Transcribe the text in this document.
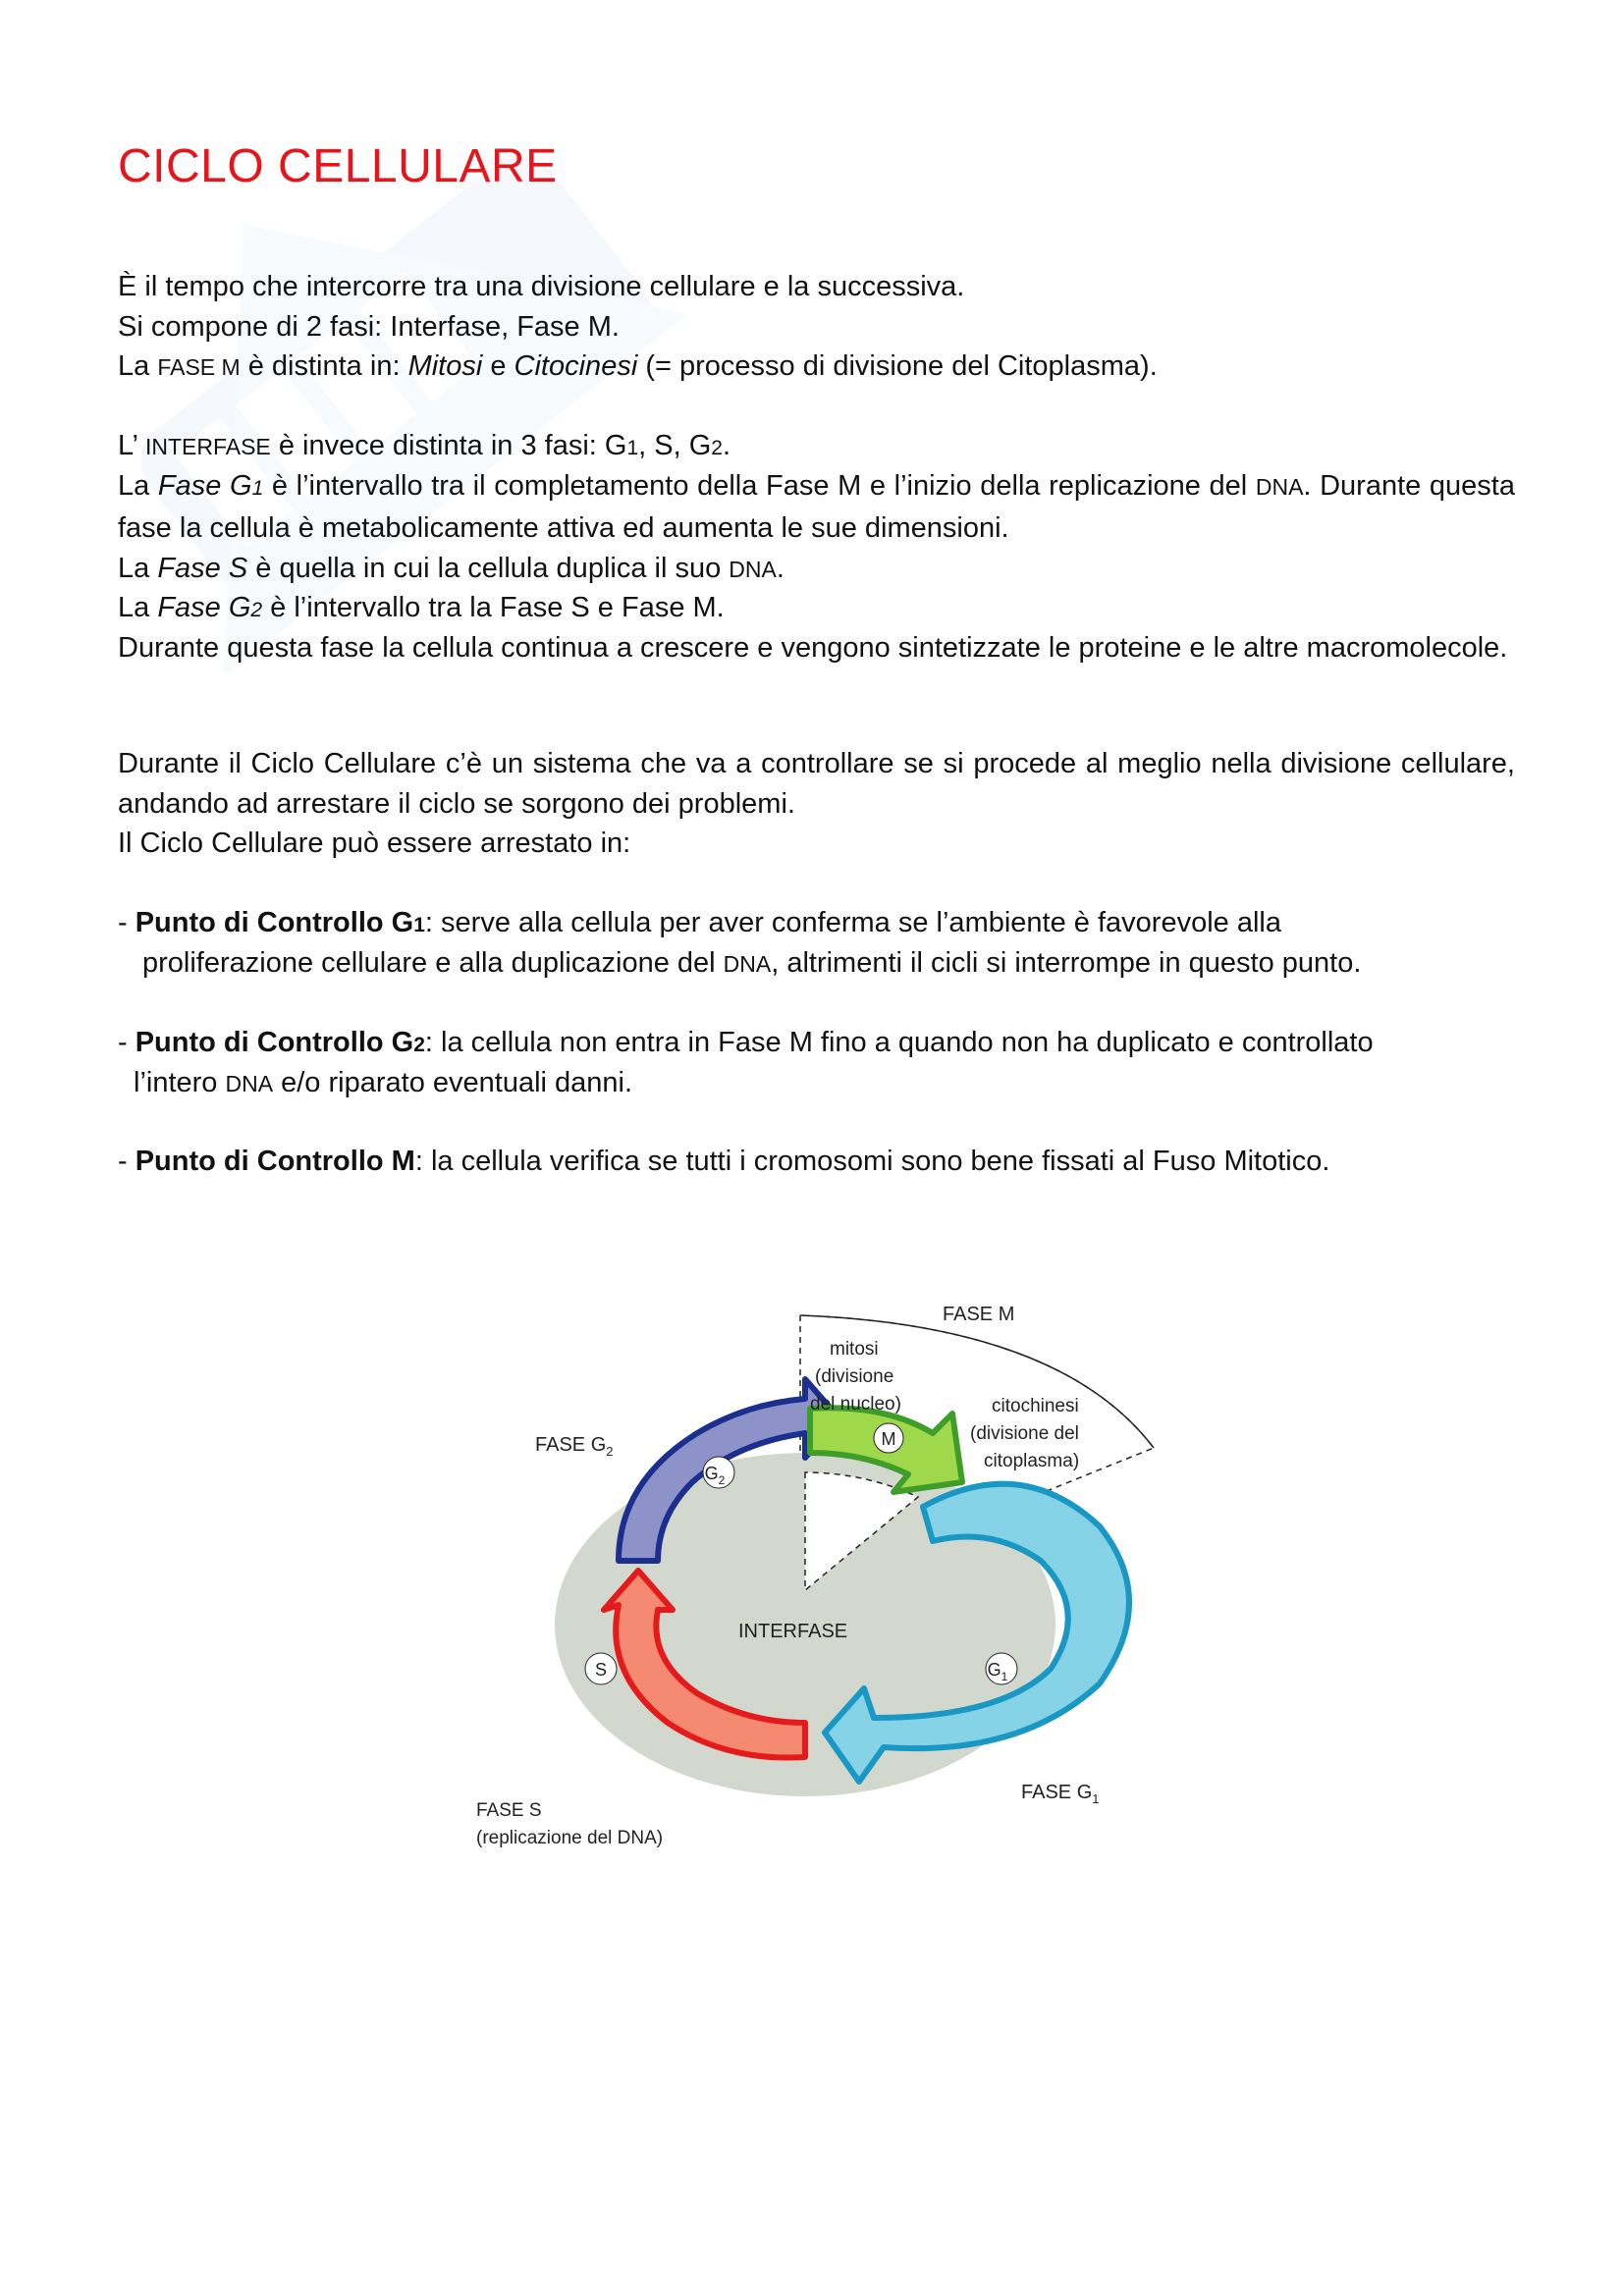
CICLO CELLULARE
È il tempo che intercorre tra una divisione cellulare e la successiva.
Si compone di 2 fasi: Interfase, Fase M.
La FASE M è distinta in: Mitosi e Citocinesi (= processo di divisione del Citoplasma).
L’ INTERFASE è invece distinta in 3 fasi: G1, S, G2.
La Fase G1 è l’intervallo tra il completamento della Fase M e l’inizio della replicazione del DNA. Durante questa fase la cellula è metabolicamente attiva ed aumenta le sue dimensioni.
La Fase S è quella in cui la cellula duplica il suo DNA.
La Fase G2 è l’intervallo tra la Fase S e Fase M.
Durante questa fase la cellula continua a crescere e vengono sintetizzate le proteine e le altre macromolecole.
Durante il Ciclo Cellulare c’è un sistema che va a controllare se si procede al meglio nella divisione cellulare, andando ad arrestare il ciclo se sorgono dei problemi.
Il Ciclo Cellulare può essere arrestato in:
- Punto di Controllo G1: serve alla cellula per aver conferma se l’ambiente è favorevole alla
proliferazione cellulare e alla duplicazione del DNA, altrimenti il cicli si interrompe in questo punto.
- Punto di Controllo G2: la cellula non entra in Fase M fino a quando non ha duplicato e controllato
l’intero DNA e/o riparato eventuali danni.
- Punto di Controllo M: la cellula verifica se tutti i cromosomi sono bene fissati al Fuso Mitotico.
M
$G_2$
S	$G_1$
FASE M
mitosi
(divisione
del nucleo)	citochinesi
(divisione del
citoplasma)
FASE $G_2$
INTERFASE
FASE S
(replicazione del DNA)
FASE $G_1$
